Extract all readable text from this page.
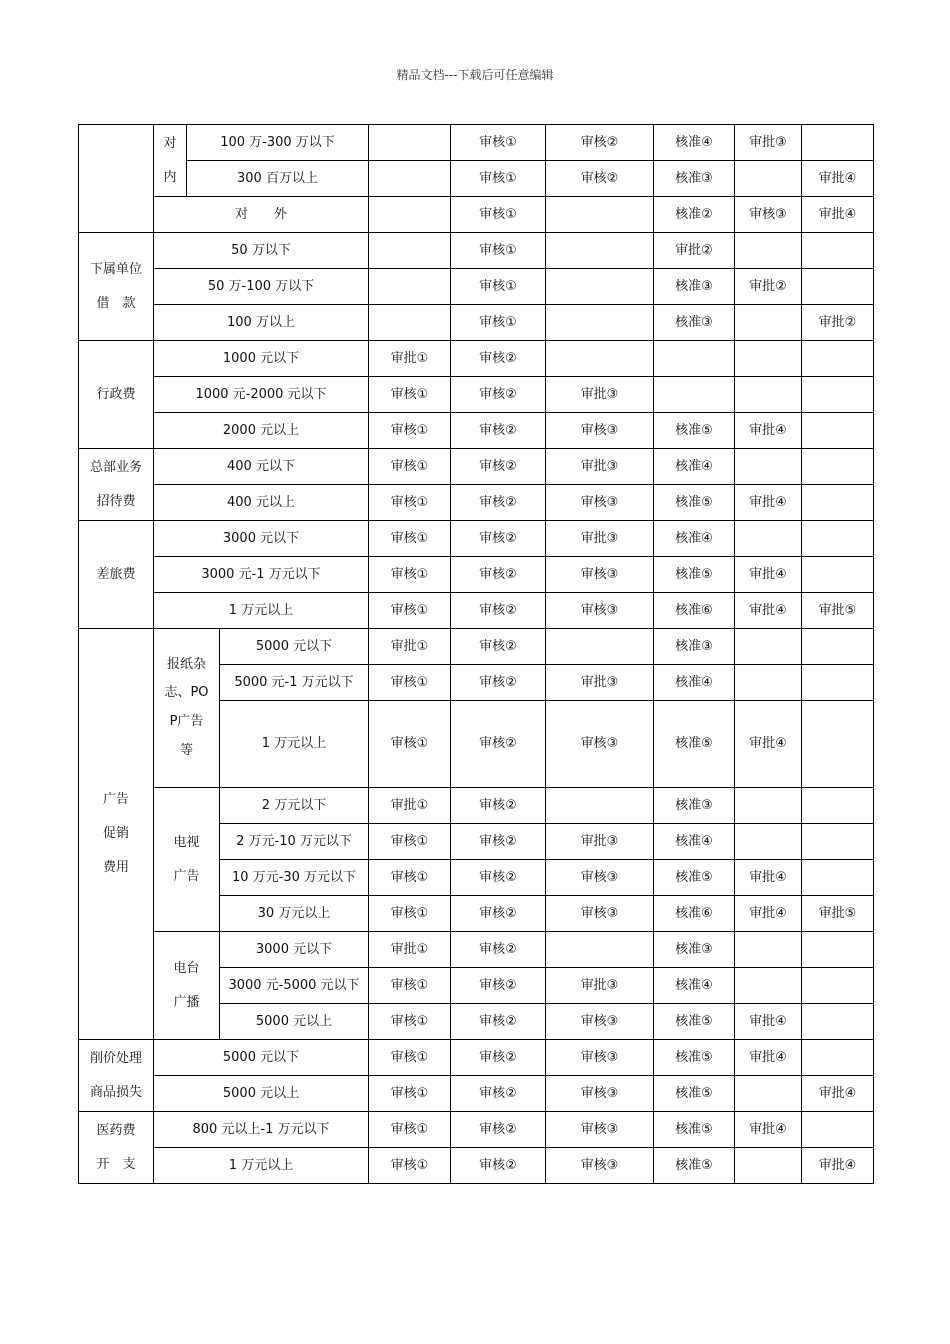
精品文档---下载后可任意编辑

	对
内	100 万-300 万以下			审核①	审核②	核准④	审批③	
		300 百万以上			审核①	审核②	核准③		审批④
	对　　外				审核①		核准②	审核③	审批④

下属单位
借　款	50 万以下				审核①		审批②		
	50 万-100 万以下				审核①		核准③	审批②	
	100 万以上				审核①		核准③		审批②
行政费	1000 元以下			审批①	审核②				
	1000 元-2000 元以下			审核①	审核②	审批③			
	2000 元以上			审核①	审核②	审核③	核准⑤	审批④	

总部业务
招待费	400 元以下			审核①	审核②	审批③	核准④		
	400 元以上			审核①	审核②	审核③	核准⑤	审批④	
差旅费	3000 元以下			审核①	审核②	审批③	核准④		
	3000 元-1 万元以下			审核①	审核②	审核③	核准⑤	审批④	
	1 万元以上			审核①	审核②	审核③	核准⑥	审批④	审批⑤

广告
促销
费用	报纸杂
志、PO
P广告
等		5000 元以下	审批①	审核②		核准③		
			5000 元-1 万元以下	审核①	审核②	审批③	核准④		
			1 万元以上	审核①	审核②	审核③	核准⑤	审批④	

	电视
广告		2 万元以下	审批①	审核②		核准③		
			2 万元-10 万元以下	审核①	审核②	审批③	核准④		
			10 万元-30 万元以下	审核①	审核②	审核③	核准⑤	审批④	
			30 万元以上	审核①	审核②	审核③	核准⑥	审批④	审批⑤

	电台
广播		3000 元以下	审批①	审核②		核准③		
			3000 元-5000 元以下	审核①	审核②	审批③	核准④		
			5000 元以上	审核①	审核②	审核③	核准⑤	审批④	

削价处理
商品损失	5000 元以下			审核①	审核②	审核③	核准⑤	审批④	
	5000 元以上			审核①	审核②	审核③	核准⑤		审批④

医药费
开　支	800 元以上-1 万元以下			审核①	审核②	审核③	核准⑤	审批④	
	1 万元以上			审核①	审核②	审核③	核准⑤		审批④
